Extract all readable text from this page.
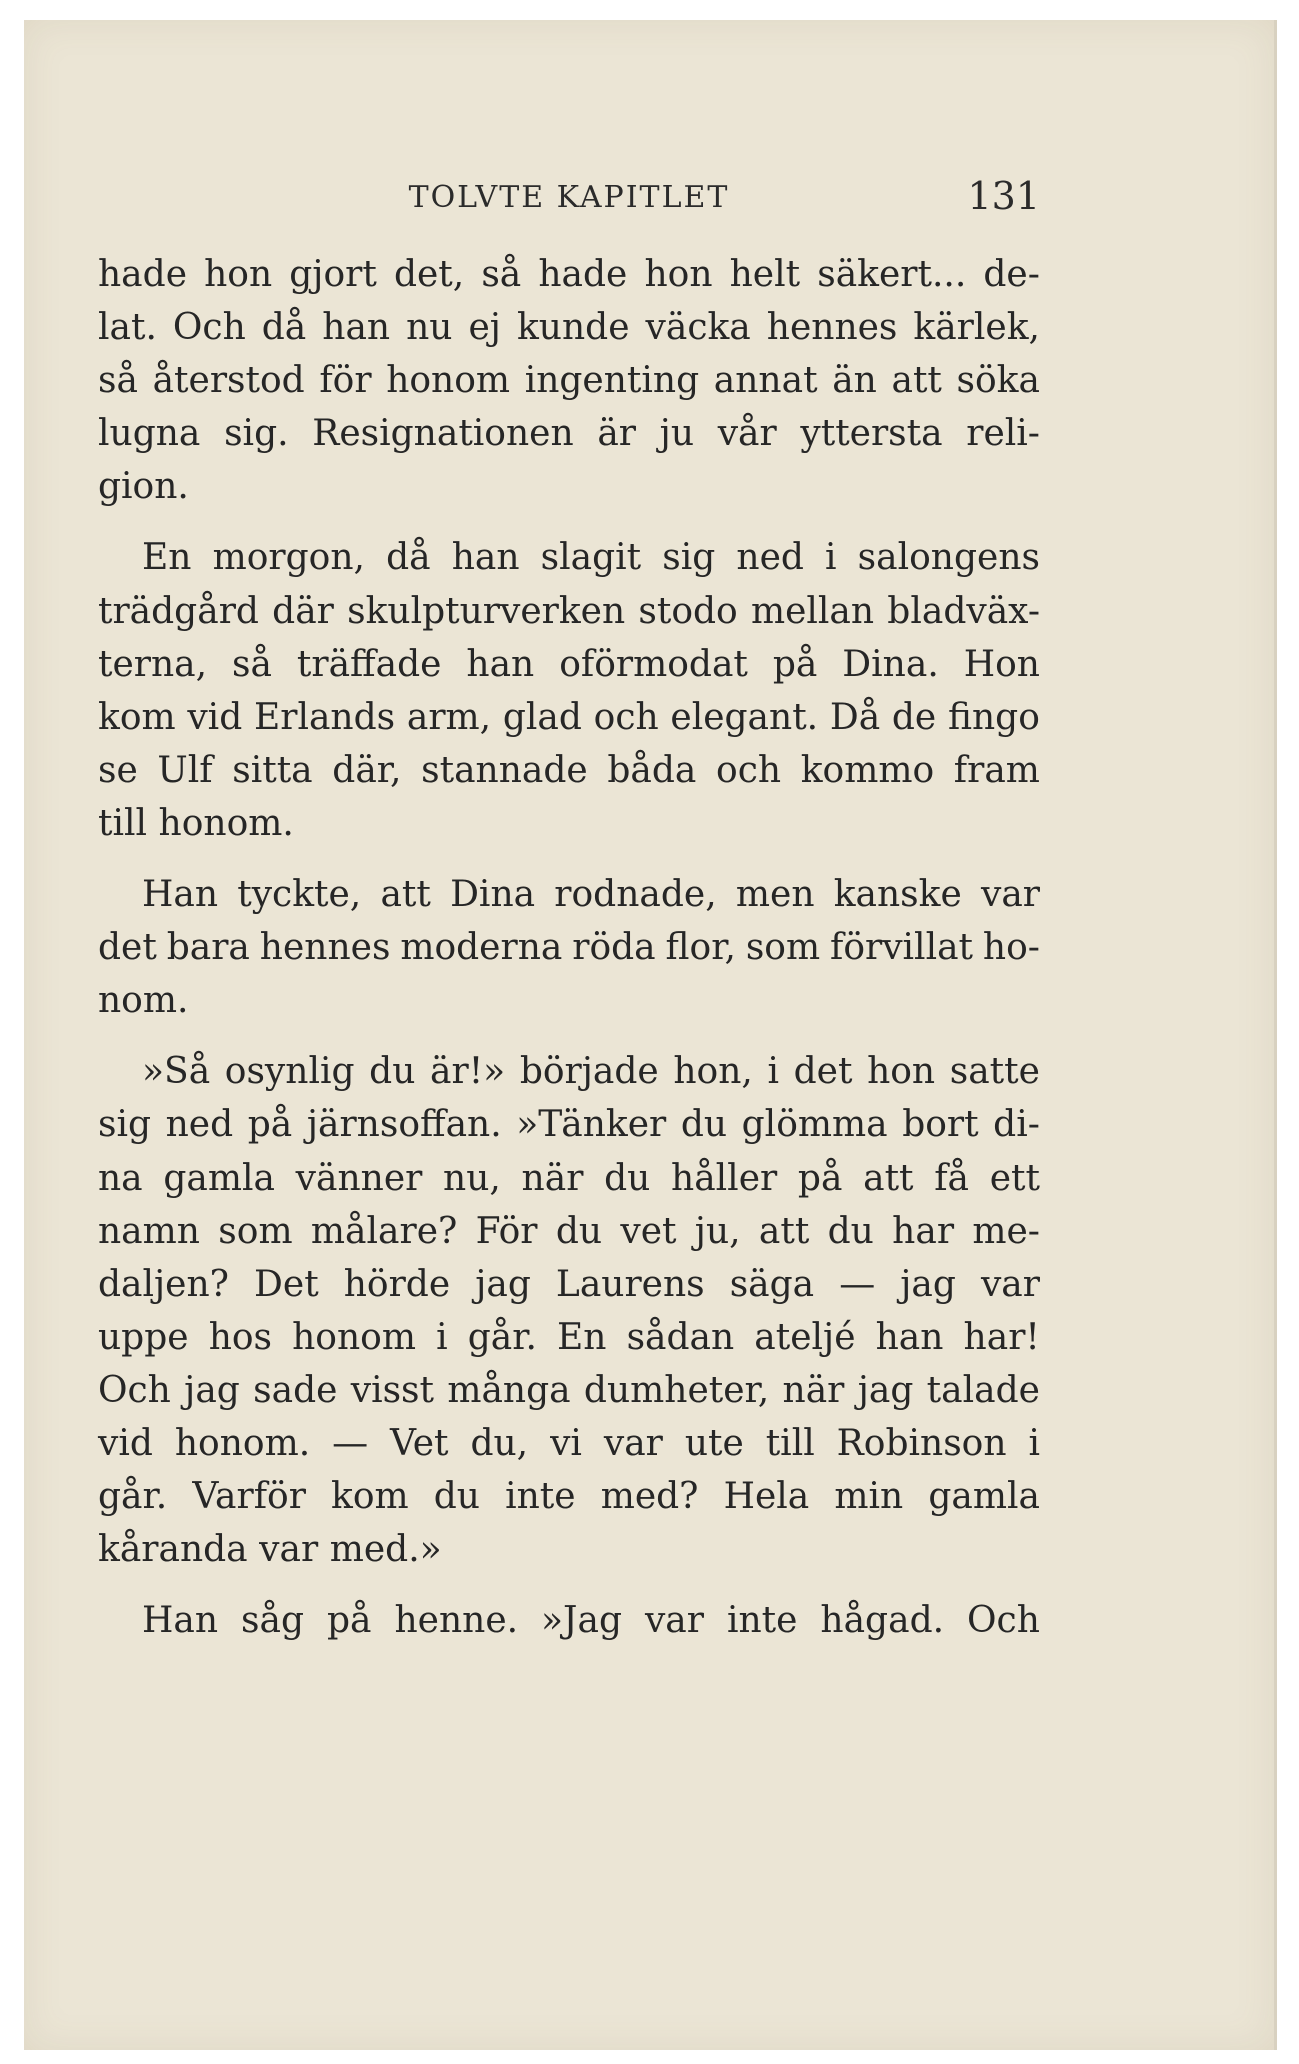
TOLVTE KAPITLET	131
hade hon gjort det, så hade hon helt säkert... de-
lat. Och då han nu ej kunde väcka hennes kärlek,
så återstod för honom ingenting annat än att söka
lugna sig. Resignationen är ju vår yttersta reli-
gion.
En morgon, då han slagit sig ned i salongens
trädgård där skulpturverken stodo mellan bladväx-
terna, så träffade han oförmodat på Dina. Hon
kom vid Erlands arm, glad och elegant. Då de fingo
se Ulf sitta där, stannade båda och kommo fram
till honom.
Han tyckte, att Dina rodnade, men kanske var
det bara hennes moderna röda flor, som förvillat ho-
nom.
»Så osynlig du är!» började hon, i det hon satte
sig ned på järnsoffan. »Tänker du glömma bort di-
na gamla vänner nu, när du håller på att få ett
namn som målare? För du vet ju, att du har me-
daljen? Det hörde jag Laurens säga — jag var
uppe hos honom i går. En sådan ateljé han har!
Och jag sade visst många dumheter, när jag talade
vid honom. — Vet du, vi var ute till Robinson i
går. Varför kom du inte med? Hela min gamla
kåranda var med.»
Han såg på henne. »Jag var inte hågad. Och
